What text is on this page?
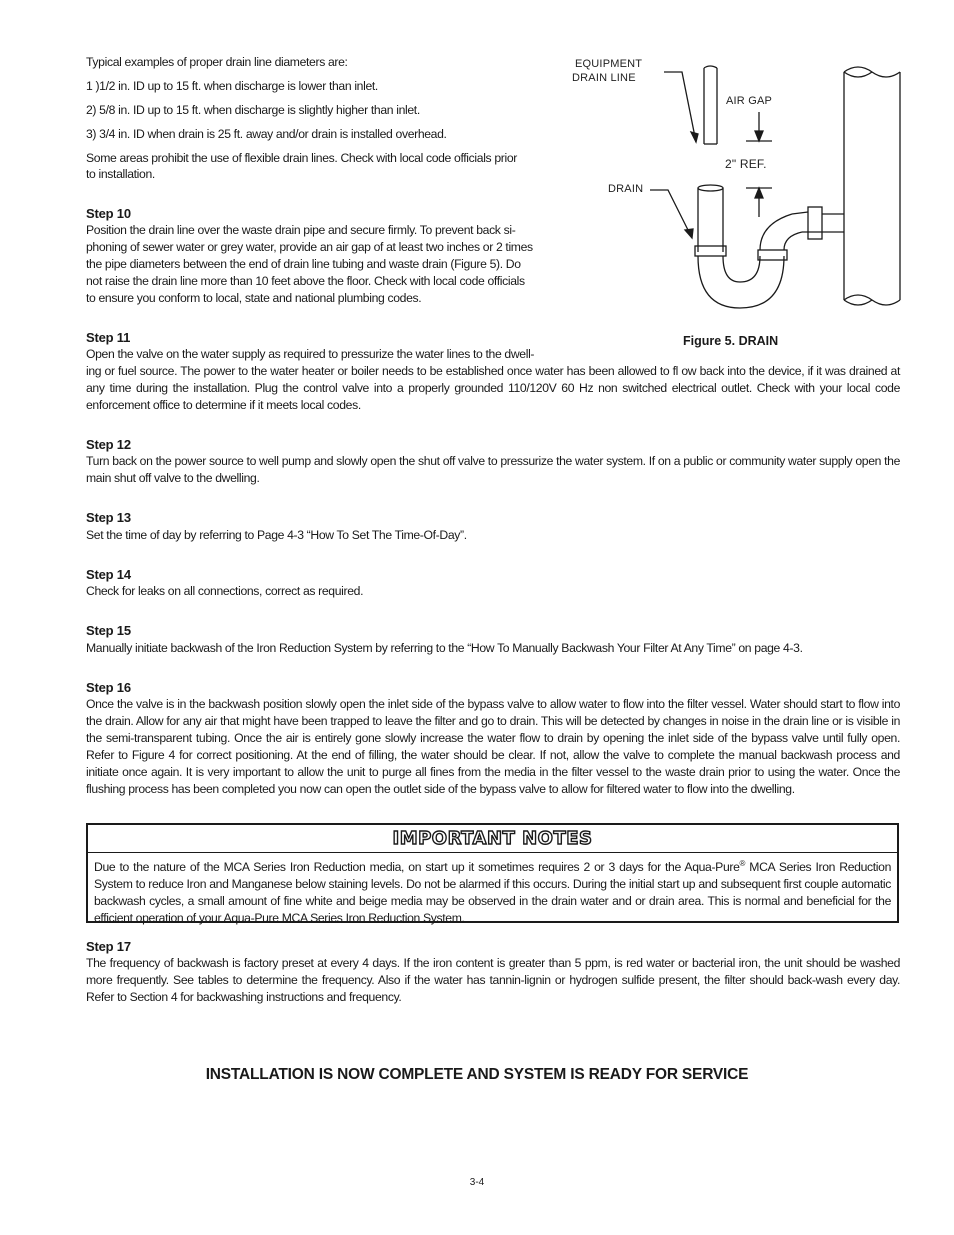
Typical examples of proper drain line diameters are:
1 )1/2 in. ID up to 15 ft. when discharge is lower than inlet.
2) 5/8 in. ID up to 15 ft. when discharge is slightly higher than inlet.
3) 3/4 in. ID when drain is 25 ft. away and/or drain is installed overhead.
Some areas prohibit the use of flexible drain lines. Check with local code officials prior
to installation.
Step 10
Position the drain line over the waste drain pipe and secure firmly. To prevent back si-
phoning of sewer water or grey water, provide an air gap of at least two inches or 2 times
the pipe diameters between the end of drain line tubing and waste drain (Figure 5). Do
not raise the drain line more than 10 feet above the floor. Check with local code officials
to ensure you conform to local, state and national plumbing codes.
EQUIPMENT
DRAIN LINE
AIR GAP
2" REF.
DRAIN
Figure 5. DRAIN
Step 11
Open the valve on the water supply as required to pressurize the water lines to the dwell-
ing or fuel source. The power to the water heater or boiler needs to be established once water has been allowed to fl ow back into the device, if it was drained at any time during the installation. Plug the control valve into a properly grounded 110/120V 60 Hz non switched electrical outlet. Check with your local code enforcement office to determine if it meets local codes.
Step 12
Turn back on the power source to well pump and slowly open the shut off valve to pressurize the water system. If on a public or community water supply open the main shut off valve to the dwelling.
Step 13
Set the time of day by referring to Page 4-3 “How To Set The Time-Of-Day”.
Step 14
Check for leaks on all connections, correct as required.
Step 15
Manually initiate backwash of the Iron Reduction System by referring to the “How To Manually Backwash Your Filter At Any Time” on page 4-3.
Step 16
Once the valve is in the backwash position slowly open the inlet side of the bypass valve to allow water to flow into the filter vessel. Water should start to flow into the drain. Allow for any air that might have been trapped to leave the filter and go to drain. This will be detected by changes in noise in the drain line or is visible in the semi-transparent tubing. Once the air is entirely gone slowly increase the water flow to drain by opening the inlet side of the bypass valve until fully open. Refer to Figure 4 for correct positioning. At the end of filling, the water should be clear. If not, allow the valve to complete the manual backwash process and initiate once again. It is very important to allow the unit to purge all fines from the media in the filter vessel to the waste drain prior to using the water. Once the flushing process has been completed you now can open the outlet side of the bypass valve to allow for filtered water to flow into the dwelling.
IMPORTANT NOTES
Due to the nature of the MCA Series Iron Reduction media, on start up it sometimes requires 2 or 3 days for the Aqua-Pure® MCA Series Iron Reduction System to reduce Iron and Manganese below staining levels. Do not be alarmed if this occurs. During the initial start up and subsequent first couple automatic backwash cycles, a small amount of fine white and beige media may be observed in the drain water and or drain area. This is normal and beneficial for the efficient operation of your Aqua-Pure MCA Series Iron Reduction System.
Step 17
The frequency of backwash is factory preset at every 4 days. If the iron content is greater than 5 ppm, is red water or bacterial iron, the unit should be washed more frequently. See tables to determine the frequency. Also if the water has tannin-lignin or hydrogen sulfide present, the filter should back-wash every day. Refer to Section 4 for backwashing instructions and frequency.
INSTALLATION IS NOW COMPLETE AND SYSTEM IS READY FOR SERVICE
3-4
